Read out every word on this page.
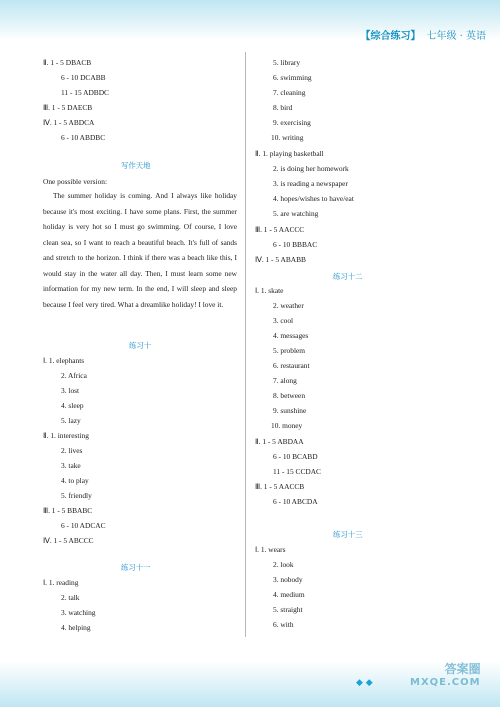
【综合练习】 七年级 · 英语
Ⅱ. 1 - 5 DBACB
6 - 10 DCABB
11 - 15 ADBDC
Ⅲ. 1 - 5 DAECB
Ⅳ. 1 - 5 ABDCA
6 - 10 ABDBC
写作天地
One possible version:

The summer holiday is coming. And I always like holiday because it's most exciting. I have some plans. First, the summer holiday is very hot so I must go swimming. Of course, I love clean sea, so I want to reach a beautiful beach. It's full of sands and stretch to the horizon. I think if there was a beach like this, I would stay in the water all day. Then, I must learn some new information for my new term. In the end, I will sleep and sleep because I feel very tired. What a dreamlike holiday! I love it.

练习十
Ⅰ. 1. elephants
2. Africa
3. lost
4. sleep
5. lazy
Ⅱ. 1. interesting
2. lives
3. take
4. to play
5. friendly
Ⅲ. 1 - 5 BBABC
6 - 10 ADCAC
Ⅳ. 1 - 5 ABCCC
练习十一
Ⅰ. 1. reading
2. talk
3. watching
4. helping
5. library
6. swimming
7. cleaning
8. bird
9. exercising
10. writing
Ⅱ. 1. playing basketball
2. is doing her homework
3. is reading a newspaper
4. hopes/wishes to have/eat
5. are watching
Ⅲ. 1 - 5 AACCC
6 - 10 BBBAC
Ⅳ. 1 - 5 ABABB
练习十二
Ⅰ. 1. skate
2. weather
3. cool
4. messages
5. problem
6. restaurant
7. along
8. between
9. sunshine
10. money
Ⅱ. 1 - 5 ABDAA
6 - 10 BCABD
11 - 15 CCDAC
Ⅲ. 1 - 5 AACCB
6 - 10 ABCDA
练习十三
Ⅰ. 1. wears
2. look
3. nobody
4. medium
5. straight
6. with
◆ ◆
答案圈
MXQE.COM
